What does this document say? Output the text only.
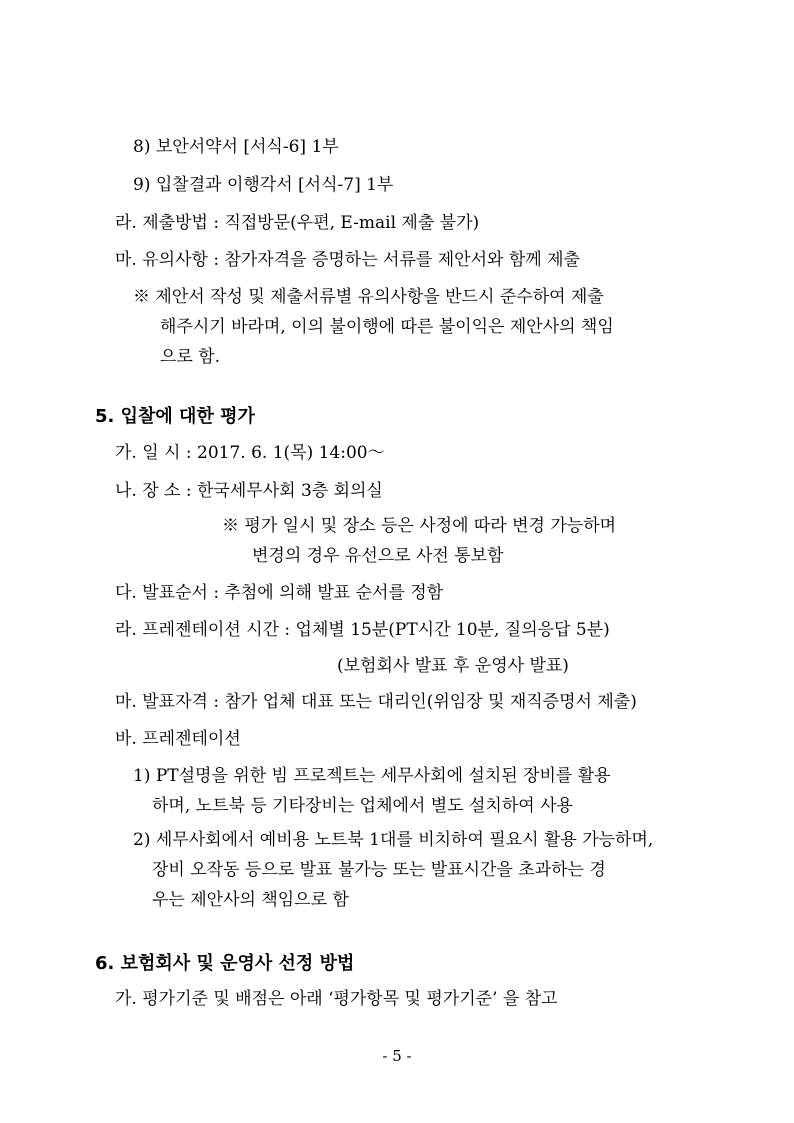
8) 보안서약서 [서식-6] 1부
9) 입찰결과 이행각서 [서식-7] 1부
라. 제출방법 : 직접방문(우편, E-mail 제출 불가)
마. 유의사항 : 참가자격을 증명하는 서류를 제안서와 함께 제출
※ 제안서 작성 및 제출서류별 유의사항을 반드시 준수하여 제출
해주시기 바라며, 이의 불이행에 따른 불이익은 제안사의 책임
으로 함.
5. 입찰에 대한 평가
가. 일 시 : 2017. 6. 1(목) 14:00～
나. 장 소 : 한국세무사회 3층 회의실
※ 평가 일시 및 장소 등은 사정에 따라 변경 가능하며
변경의 경우 유선으로 사전 통보함
다. 발표순서 : 추첨에 의해 발표 순서를 정함
라. 프레젠테이션 시간 : 업체별 15분(PT시간 10분, 질의응답 5분)
(보험회사 발표 후 운영사 발표)
마. 발표자격 : 참가 업체 대표 또는 대리인(위임장 및 재직증명서 제출)
바. 프레젠테이션
1) PT설명을 위한 빔 프로젝트는 세무사회에 설치된 장비를 활용
하며, 노트북 등 기타장비는 업체에서 별도 설치하여 사용
2) 세무사회에서 예비용 노트북 1대를 비치하여 필요시 활용 가능하며,
장비 오작동 등으로 발표 불가능 또는 발표시간을 초과하는 경
우는 제안사의 책임으로 함
6. 보험회사 및 운영사 선정 방법
가. 평가기준 및 배점은 아래 ‘평가항목 및 평가기준’ 을 참고
- 5 -
